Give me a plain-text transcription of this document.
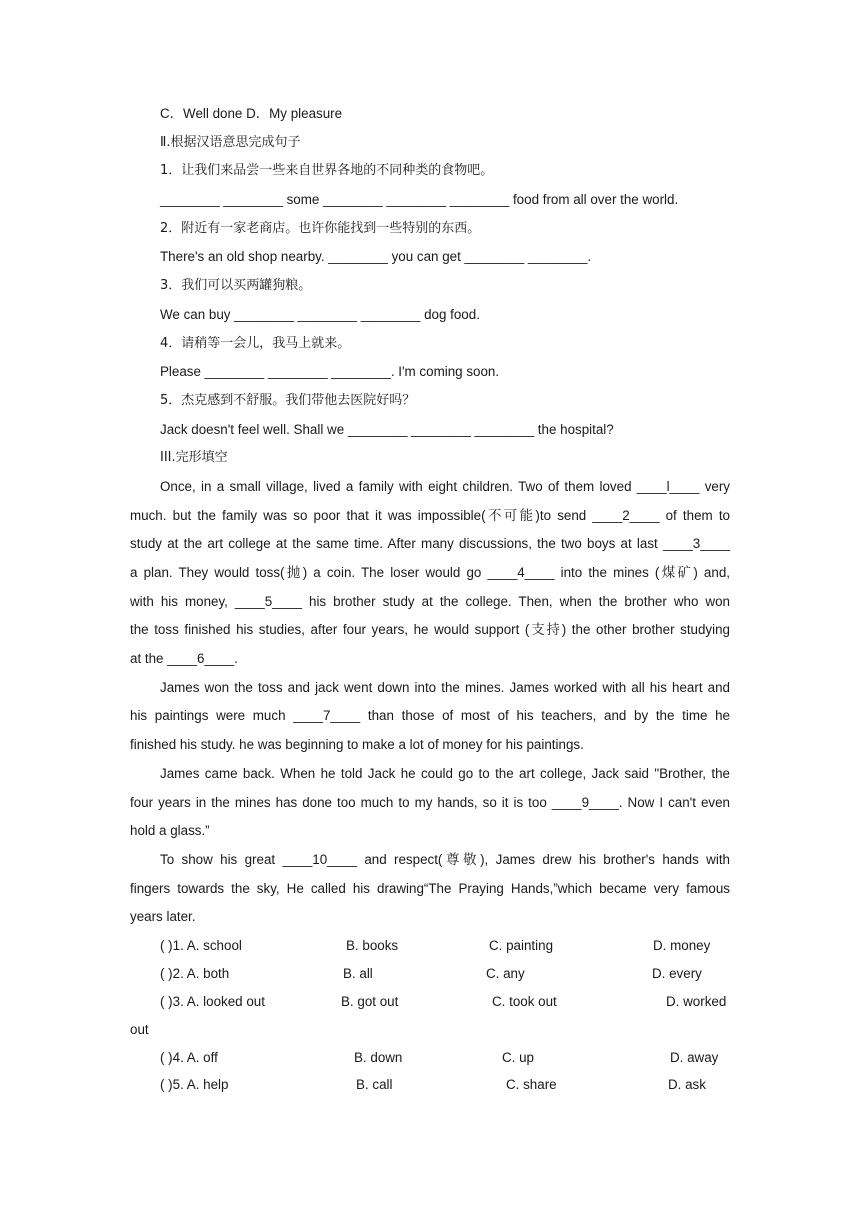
C．Well done D．My pleasure
Ⅱ.根据汉语意思完成句子
1．让我们来品尝一些来自世界各地的不同种类的食物吧。
________ ________ some ________ ________ ________ food from all over the world.
2．附近有一家老商店。也许你能找到一些特别的东西。
There's an old shop nearby. ________ you can get ________ ________.
3．我们可以买两罐狗粮。
We can buy ________ ________ ________ dog food.
4．请稍等一会儿，我马上就来。
Please ________ ________ ________. I'm coming soon.
5．杰克感到不舒服。我们带他去医院好吗？
Jack doesn't feel well. Shall we ________ ________ ________ the hospital?
III.完形填空
Once, in a small village, lived a family with eight children. Two of them loved ____l____ very
much. but the family was so poor that it was impossible(不可能)to send ____2____ of them to
study at the art college at the same time. After many discussions, the two boys at last ____3____
a plan. They would toss(抛) a coin. The loser would go ____4____ into the mines (煤矿) and,
with his money, ____5____ his brother study at the college. Then, when the brother who won
the toss finished his studies, after four years, he would support (支持) the other brother studying
at the ____6____.
James won the toss and jack went down into the mines. James worked with all his heart and
his paintings were much ____7____ than those of most of his teachers, and by the time he
finished his study. he was beginning to make a lot of money for his paintings.
James came back. When he told Jack he could go to the art college, Jack said "Brother, the
four years in the mines has done too much to my hands, so it is too ____9____. Now I can't even
hold a glass.”
To show his great ____10____ and respect(尊敬), James drew his brother's hands with
fingers towards the sky, He called his drawing“The Praying Hands,”which became very famous
years later.
( )1. A. school	B. books	C. painting	D. money
( )2. A. both	B. all	C. any	D. every
( )3. A. looked out	B. got out	C. took out	D. worked
out
( )4. A. off	B. down	C. up	D. away
( )5. A. help	B. call	C. share	D. ask
